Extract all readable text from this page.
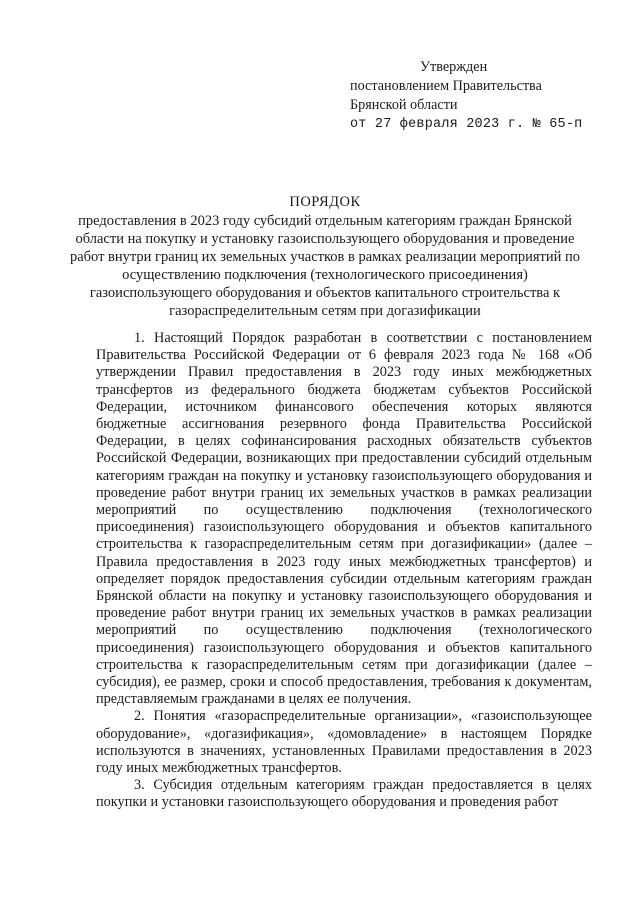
Утвержден
постановлением Правительства
Брянской области
от 27 февраля 2023 г. № 65-п
ПОРЯДОК
предоставления в 2023 году субсидий отдельным категориям граждан Брянской области на покупку и установку газоиспользующего оборудования и проведение работ внутри границ их земельных участков в рамках реализации мероприятий по осуществлению подключения (технологического присоединения) газоиспользующего оборудования и объектов капитального строительства к газораспределительным сетям при догазификации

1. Настоящий Порядок разработан в соответствии с постановлением Правительства Российской Федерации от 6 февраля 2023 года № 168 «Об утверждении Правил предоставления в 2023 году иных межбюджетных трансфертов из федерального бюджета бюджетам субъектов Российской Федерации, источником финансового обеспечения которых являются бюджетные ассигнования резервного фонда Правительства Российской Федерации, в целях софинансирования расходных обязательств субъектов Российской Федерации, возникающих при предоставлении субсидий отдельным категориям граждан на покупку и установку газоиспользующего оборудования и проведение работ внутри границ их земельных участков в рамках реализации мероприятий по осуществлению подключения (технологического присоединения) газоиспользующего оборудования и объектов капитального строительства к газораспределительным сетям при догазификации» (далее – Правила предоставления в 2023 году иных межбюджетных трансфертов) и определяет порядок предоставления субсидии отдельным категориям граждан Брянской области на покупку и установку газоиспользующего оборудования и проведение работ внутри границ их земельных участков в рамках реализации мероприятий по осуществлению подключения (технологического присоединения) газоиспользующего оборудования и объектов капитального строительства к газораспределительным сетям при догазификации (далее – субсидия), ее размер, сроки и способ предоставления, требования к документам, представляемым гражданами в целях ее получения.

2. Понятия «газораспределительные организации», «газоиспользующее оборудование», «догазификация», «домовладение» в настоящем Порядке используются в значениях, установленных Правилами предоставления в 2023 году иных межбюджетных трансфертов.

3. Субсидия отдельным категориям граждан предоставляется в целях покупки и установки газоиспользующего оборудования и проведения работ
